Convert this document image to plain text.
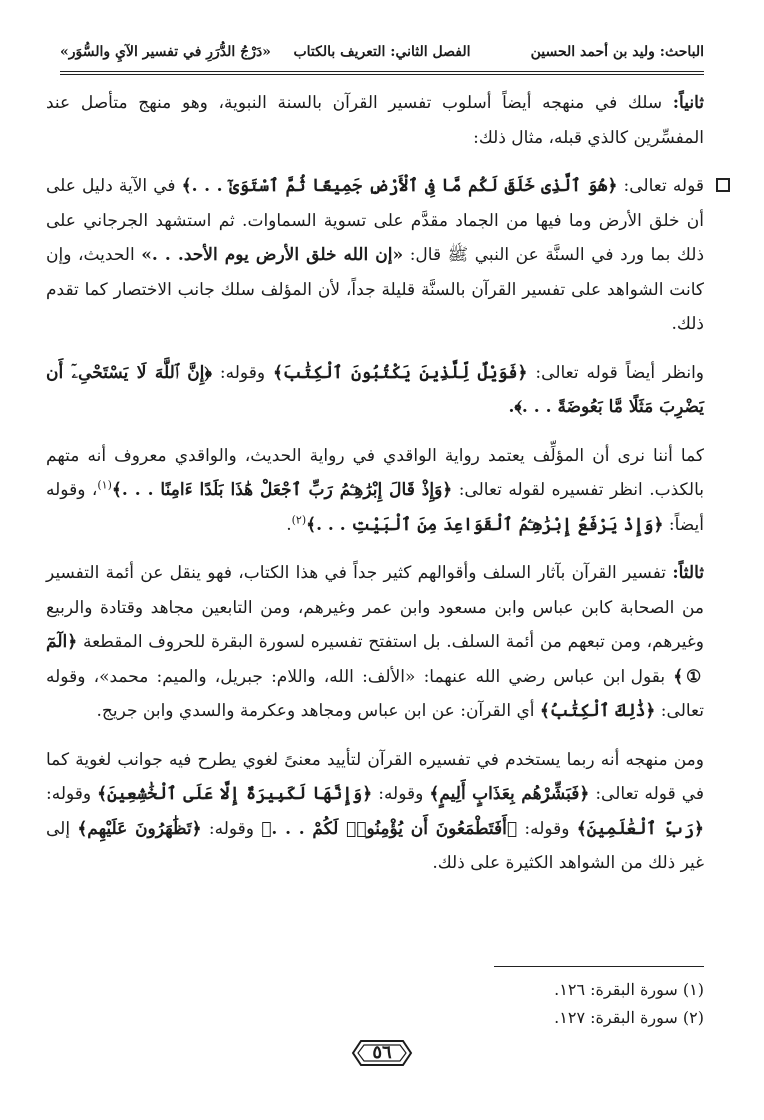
الباحث: وليد بن أحمد الحسين
الفصل الثاني: التعريف بالكتاب
«دَرْجُ الدُّرَرِ في تفسير الآيِ والسُّوَر»

ثانياً: سلك في منهجه أيضاً أسلوب تفسير القرآن بالسنة النبوية، وهو منهج متأصل عند المفسِّرين كالذي قبله، مثال ذلك:

قوله تعالى: ﴿هُوَ ٱلَّذِى خَلَقَ لَكُم مَّا فِى ٱلْأَرْضِ جَمِيعًا ثُمَّ ٱسْتَوَىٰٓ . . .﴾ في الآية دليل على أن خلق الأرض وما فيها من الجماد مقدَّم على تسوية السماوات. ثم استشهد الجرجاني على ذلك بما ورد في السنَّة عن النبي ﷺ قال: «إن الله خلق الأرض يوم الأحد. . .» الحديث، وإن كانت الشواهد على تفسير القرآن بالسنَّة قليلة جداً، لأن المؤلف سلك جانب الاختصار كما تقدم ذلك.

وانظر أيضاً قوله تعالى: ﴿فَوَيْلٌ لِّلَّذِينَ يَكْتُبُونَ ٱلْكِتَٰبَ﴾ وقوله: ﴿إِنَّ ٱللَّهَ لَا يَسْتَحْىِۦٓ أَن يَضْرِبَ مَثَلًا مَّا بَعُوضَةً . . .﴾.

كما أننا نرى أن المؤلِّف يعتمد رواية الواقدي في رواية الحديث، والواقدي معروف أنه متهم بالكذب. انظر تفسيره لقوله تعالى: ﴿وَإِذْ قَالَ إِبْرَٰهِـۧمُ رَبِّ ٱجْعَلْ هَٰذَا بَلَدًا ءَامِنًا . . .﴾$^{(١)}$، وقوله أيضاً: ﴿وَإِذْ يَرْفَعُ إِبْرَٰهِـۧمُ ٱلْقَوَاعِدَ مِنَ ٱلْبَيْتِ . . .﴾$^{(٢)}$.

ثالثاً: تفسير القرآن بآثار السلف وأقوالهم كثير جداً في هذا الكتاب، فهو ينقل عن أئمة التفسير من الصحابة كابن عباس وابن مسعود وابن عمر وغيرهم، ومن التابعين مجاهد وقتادة والربيع وغيرهم، ومن تبعهم من أئمة السلف. بل استفتح تفسيره لسورة البقرة للحروف المقطعة ﴿الٓمٓ ①﴾ بقول ابن عباس رضي الله عنهما: «الألف: الله، واللام: جبريل، والميم: محمد»، وقوله تعالى: ﴿ذَٰلِكَ ٱلْكِتَٰبُ﴾ أي القرآن: عن ابن عباس ومجاهد وعكرمة والسدي وابن جريج.

ومن منهجه أنه ربما يستخدم في تفسيره القرآن لتأييد معنىً لغوي يطرح فيه جوانب لغوية كما في قوله تعالى: ﴿فَبَشِّرْهُم بِعَذَابٍ أَلِيمٍ﴾ وقوله: ﴿وَإِنَّهَا لَكَبِيرَةٌ إِلَّا عَلَى ٱلْخَٰشِعِينَ﴾ وقوله: ﴿رَبِّ ٱلْعَٰلَمِينَ﴾ وقوله: ﴿أَفَتَطْمَعُونَ أَن يُؤْمِنُوا۟ لَكُمْ . . .﴾ وقوله: ﴿تَظَٰهَرُونَ عَلَيْهِم﴾ إلى غير ذلك من الشواهد الكثيرة على ذلك.

(١) سورة البقرة: ١٢٦.
(٢) سورة البقرة: ١٢٧.
٥٦
